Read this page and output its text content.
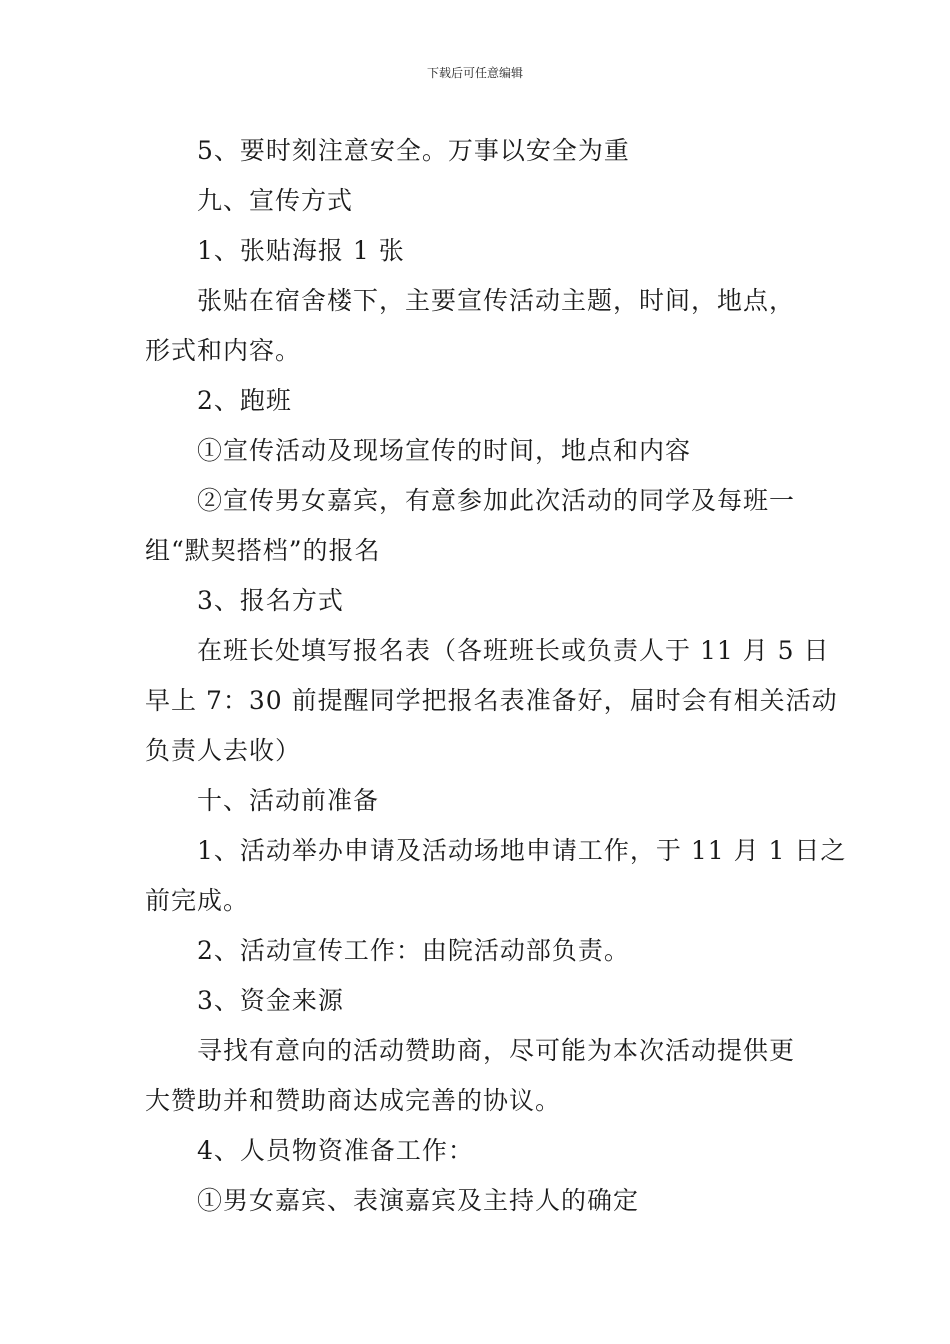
下载后可任意编辑
5、要时刻注意安全。万事以安全为重
九、宣传方式
1、张贴海报 1 张
张贴在宿舍楼下，主要宣传活动主题，时间，地点，
形式和内容。
2、跑班
①宣传活动及现场宣传的时间，地点和内容
②宣传男女嘉宾，有意参加此次活动的同学及每班一
组“默契搭档”的报名
3、报名方式
在班长处填写报名表（各班班长或负责人于 11 月 5 日
早上 7：30 前提醒同学把报名表准备好，届时会有相关活动
负责人去收）
十、活动前准备
1、活动举办申请及活动场地申请工作，于 11 月 1 日之
前完成。
2、活动宣传工作：由院活动部负责。
3、资金来源
寻找有意向的活动赞助商，尽可能为本次活动提供更
大赞助并和赞助商达成完善的协议。
4、人员物资准备工作：
①男女嘉宾、表演嘉宾及主持人的确定
